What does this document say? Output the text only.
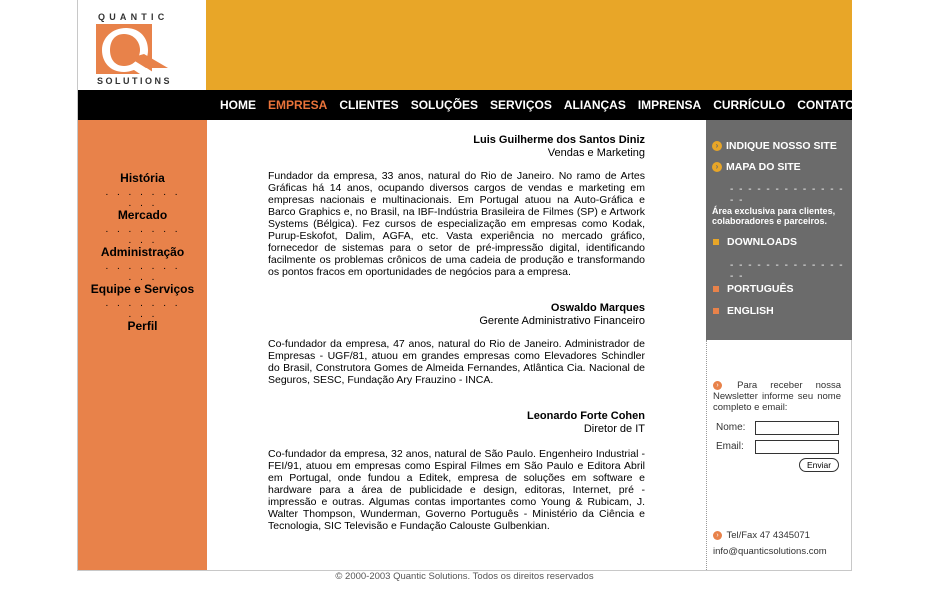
QUANTIC
SOLUTIONS
HOME EMPRESA CLIENTES SOLUÇÕES SERVIÇOS ALIANÇAS IMPRENSA CURRÍCULO CONTATO
História
. . . . . . . . . .
Mercado
. . . . . . . . . .
Administração
. . . . . . . . . .
Equipe e Serviços
. . . . . . . . . .
Perfil
Luis Guilherme dos Santos Diniz
Vendas e Marketing
Fundador da empresa, 33 anos, natural do Rio de Janeiro. No ramo de Artes Gráficas há 14 anos, ocupando diversos cargos de vendas e marketing em empresas nacionais e multinacionais. Em Portugal atuou na Auto-Gráfica e Barco Graphics e, no Brasil, na IBF-Indústria Brasileira de Filmes (SP) e Artwork Systems (Bélgica). Fez cursos de especialização em empresas como Kodak, Purup-Eskofot, Dalim, AGFA, etc. Vasta experiência no mercado gráfico, fornecedor de sistemas para o setor de pré-impressão digital, identificando facilmente os problemas crônicos de uma cadeia de produção e transformando os pontos fracos em oportunidades de negócios para a empresa.
Oswaldo Marques
Gerente Administrativo Financeiro
Co-fundador da empresa, 47 anos, natural do Rio de Janeiro. Administrador de Empresas - UGF/81, atuou em grandes empresas como Elevadores Schindler do Brasil, Construtora Gomes de Almeida Fernandes, Atlântica Cia. Nacional de Seguros, SESC, Fundação Ary Frauzino - INCA.
Leonardo Forte Cohen
Diretor de IT
Co-fundador da empresa, 32 anos, natural de São Paulo. Engenheiro Industrial - FEI/91, atuou em empresas como Espiral Filmes em São Paulo e Editora Abril em Portugal, onde fundou a Editek, empresa de soluções em software e hardware para a área de publicidade e design, editoras, Internet, pré - impressão e outras. Algumas contas importantes como Young & Rubicam, J. Walter Thompson, Wunderman, Governo Português - Ministério da Ciência e Tecnologia, SIC Televisão e Fundação Calouste Gulbenkian.
› INDIQUE NOSSO SITE
› MAPA DO SITE
- - - - - - - - - - - - - - -
Área exclusiva para clientes, colaboradores e parceiros.
DOWNLOADS
- - - - - - - - - - - - - - -
PORTUGUÊS
ENGLISH
› Para receber nossa Newsletter informe seu nome completo e email:
Nome:
Email:
Enviar
› Tel/Fax 47 4345071
info@quanticsolutions.com
© 2000-2003 Quantic Solutions. Todos os direitos reservados
